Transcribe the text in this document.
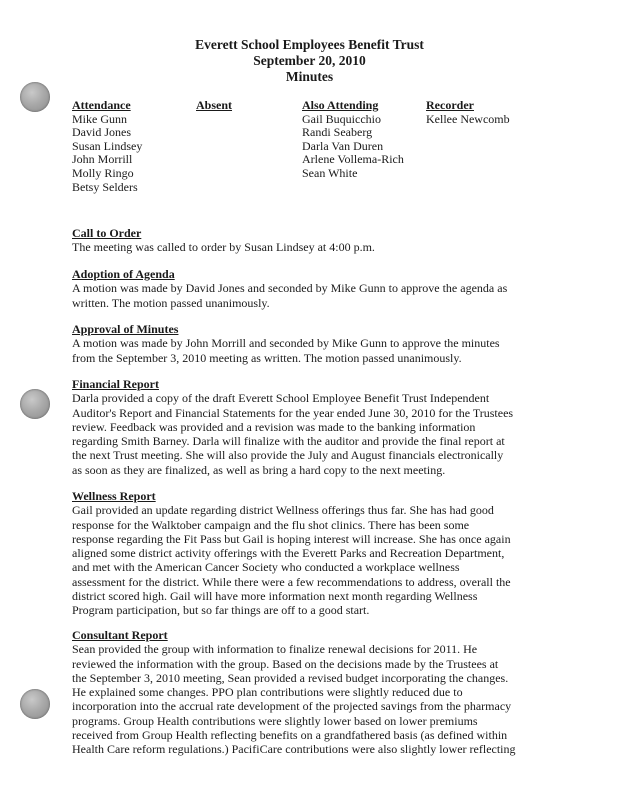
Everett School Employees Benefit Trust
September 20, 2010
Minutes
Attendance
Mike Gunn
David Jones
Susan Lindsey
John Morrill
Molly Ringo
Betsy Selders
Absent	Also Attending
Gail Buquicchio
Randi Seaberg
Darla Van Duren
Arlene Vollema-Rich
Sean White
Recorder
Kellee Newcomb
Call to Order
The meeting was called to order by Susan Lindsey at 4:00 p.m.
Adoption of Agenda
A motion was made by David Jones and seconded by Mike Gunn to approve the agenda as
written. The motion passed unanimously.
Approval of Minutes
A motion was made by John Morrill and seconded by Mike Gunn to approve the minutes
from the September 3, 2010 meeting as written. The motion passed unanimously.
Financial Report
Darla provided a copy of the draft Everett School Employee Benefit Trust Independent
Auditor's Report and Financial Statements for the year ended June 30, 2010 for the Trustees
review. Feedback was provided and a revision was made to the banking information
regarding Smith Barney. Darla will finalize with the auditor and provide the final report at
the next Trust meeting. She will also provide the July and August financials electronically
as soon as they are finalized, as well as bring a hard copy to the next meeting.
Wellness Report
Gail provided an update regarding district Wellness offerings thus far. She has had good
response for the Walktober campaign and the flu shot clinics. There has been some
response regarding the Fit Pass but Gail is hoping interest will increase. She has once again
aligned some district activity offerings with the Everett Parks and Recreation Department,
and met with the American Cancer Society who conducted a workplace wellness
assessment for the district. While there were a few recommendations to address, overall the
district scored high. Gail will have more information next month regarding Wellness
Program participation, but so far things are off to a good start.
Consultant Report
Sean provided the group with information to finalize renewal decisions for 2011. He
reviewed the information with the group. Based on the decisions made by the Trustees at
the September 3, 2010 meeting, Sean provided a revised budget incorporating the changes.
He explained some changes. PPO plan contributions were slightly reduced due to
incorporation into the accrual rate development of the projected savings from the pharmacy
programs. Group Health contributions were slightly lower based on lower premiums
received from Group Health reflecting benefits on a grandfathered basis (as defined within
Health Care reform regulations.) PacifiCare contributions were also slightly lower reflecting
